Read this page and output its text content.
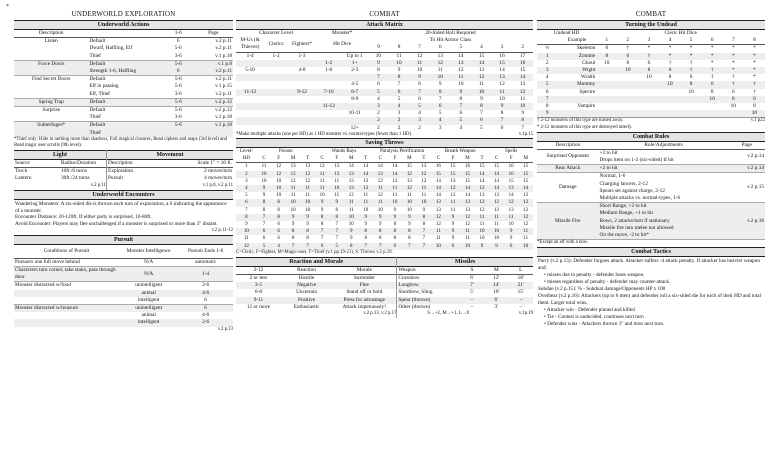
*
UNDERWORLD EXPLORATION
Underworld Actions
Description		1-6	Page
Listen	Default	6	v.2 p.11
	Dwarf, Halfling, Elf	5-6	v.2 p.11
	Thief	3-6	v.1 p.18
Force Doors	Default	5-6	v.1 p.8
	Strength 1-6, Halfling	6	v.2 p.11
Find Secret Doors	Default	5-6	v.2 p.11
	Elf in passing	5-6	v.1 p.15
	Elf, Thief	3-6	v.2 p.11
Spring Trap	Default	5-6	v.2 p.12
Surprise	Default	5-6	v.2 p.12
	Thief	3-6	v.1 p.18
Subterfuges*	Default	5-6	v.1 p.18
	Thief		
*Thief only: Hide in nothing more than shadows, Foil magical closures, Read ciphers and maps (3rd level) and Read magic user scrolls (9th level).
Light
Source	Radius/Duration
Torch	10ft./6 turns
Lantern	30ft./24 turns
v.2 p.11
Movement
Description	Scale 1" = 10 ft.
Exploration	2 moves/turn
Pursuit	4 moves/turn
v.1 p.8, v.2 p.11
Underworld Encounters
Wandering Monsters: A six-sided die is thrown each turn of exploration, a 6 indicating the appearance of a monster.
Encounter Distance: 20-120ft. If either party is surprised, 10-80ft.
Avoid Encounter: Players may flee unchallenged if a monster is surprised or more than 3" distant.
v.2 p.11-12
Pursuit
Conditions of Pursuit	Monster Intelligence	Pursuit Ends 1-6
Pursuers one full move behind	N/A	automatic
Characters turn corner, take stairs, pass through door	N/A	1-4
Monster distracted w/food	unintelligent	2-6
	animal	4-6
	intelligent	6
Monster distracted w/treasure	unintelligent	6
	animal	4-6
	intelligent	2-6
v.2 p.13
COMBAT
Attack Matrix
Character Level			Monster*		20-Sided Roll Required							
M-Us (& Thieves)	Clerics	Fighters*	Hit Dice		To Hit Armor Class							
					9	8	7	6	5	4	3	2
1-4	1-2	1-3		Up to 1	10	11	12	13	14	15	16	17
			1-2	1+	9	10	11	12	13	14	15	16
5-10		4-8	1-6	2-3	8	9	10	11	12	13	14	15
					7	8	9	10	11	12	13	14
				4-5	6	7	8	9	10	11	12	13
11-12		9-12	7-10	6-7	5	6	7	8	9	10	11	12
				8-9	4	5	6	7	8	9	10	11
			11-12		3	4	5	6	7	8	9	10
				10-11	2	3	4	5	6	7	8	9
					2	2	3	4	5	6	7	8
				12+	2	2	2	3	4	5	6	7
*Make multiple attacks (one per HD) as 1 HD monster vs. normal-types (fewer than 1 HD).	v.1p.15
Saving Throws
Level/ HD	Poison				Wands Rays				Paralysis Petrification				Breath Weapon				Spells		
	C	F	M	T	C	F	M	T	C	F	M	T	C	F	M	T	C	F	M
1	11	12	13	13	12	13	14	14	14	14	15	13	16	15	16	15	15	16	15
2	10	12	12	12	11	13	13	14	13	14	12	12	15	15	15	14	14	16	15
3	10	10	12	12	11	11	13	13	12	12	13	12	14	13	15	14	14	15	15
4	9	10	11	11	11	10	13	12	11	11	12	11	14	12	14	13	14	13	14
5	9	10	11	11	10	11	12	11	12	11	11	11	14	12	14	13	13	14	12
6	8	8	10	10	9	9	11	11	11	10	10	10	13	11	13	12	12	12	12
7	8	8	10	10	9	8	11	10	10	9	10	9	13	11	13	12	12	13	12
8	7	8	9	9	8	8	10	9	9	9	9	8	12	9	12	11	11	11	12
9	7	6	9	9	8	7	10	9	9	8	9	8	12	9	12	11	11	10	12
10	6	6	8	8	7	7	9	8	8	8	8	7	11	9	11	10	10	9	11
11	6	6	8	8	7	7	9	8	8	8	8	7	11	9	11	10	10	9	11
12	5	4	7	7	6	5	8	7	7	6	7	7	10	6	10	9	9	6	10
C=Cleric, F=Fighter, M=Magic-user, T=Thief (v.1 pp.19-21), S: Throws v.2 p.19.
Reaction and Morale
2-12	Reaction	Morale
2 or less	Hostile	Surrender
3-5	Negative	Flee
6-8	Uncertain	Stand off or hold
9-11	Positive	Press for advantage
12 or more	Enthusiastic	Attack impetuously!
v.2 p.13, v.2 p.17
Missiles
Weapon	S	M	L
Crossbow	6'	12'	18'
Longbow	7'	14'	21'
Shortbow, Sling	5'	10'	15'
Spear (thrown)	–	6'	–
Other (thrown)	–	3'	–
S→+2, M→+1, L→0	v.1p.19
COMBAT
Turning the Undead
Undead HD		Cleric Hit Dice							
	Example	1	2	3	4	5	6	7	8
½	Skeleton	6	†	*	*	*	*	*	*
1	Zombie	8	6	†	*	*	*	*	*
2	Ghoul	10	8	6	†	†	*	*	*
3	Wight		10	8	6	†	†	*	*
4	Wraith			10	8	6	†	†	*
5	Mummy				10	8	6	†	†
6	Spectre					10	8	6	†
7							10	8	6
8	Vampire							10	8
9									10
† 2-12 monsters of this type are turned away.	v.1 p22
* 2-12 monsters of this type are destroyed utterly.
Combat Rules
Description	Rule/Adjustments	Page
Surprised Opponent	+2 to hit	v.2 p.14
	Drops item on 1-2 (six-sided) if hit	
Rear Attack	+2 to hit	v.2 p.14
Damage	Normal, 1-6	v.2 p.15
	Charging lancers, 2-12	
	Spears set against charge, 2-12	
	Multiple attacks vs. normal-types, 1-6	
Missile Fire	Short Range, +2 to hit	v.2 p.16
	Medium Range, +1 to hit	
	Bows, 2 attacks/turn if stationary	
	Missile fire into melee not allowed	
	On the move, -2 to hit*	
*Except an elf with a bow.
Combat Tactics
Parry (v.2 p.15): Defender forgoes attack. Attacker suffers -4 attack penalty. If attacker has heavier weapon and:
• misses due to penalty - defender loses weapon.
• misses regardless of penalty - defender may counter-attack.
Subdue (v.2 p.15): % - Subdual damage/Opponents HP x 100
Overbear (v.2 p.16): Attackers (up to 6 men) and defender roll a six-sided die for each of their HD and total them. Larger total wins.
• Attacker win - Defender pinned and killed
• Tie - Contest is undecided, continues next turn
• Defender wins - Attackers thrown 1" and miss next turn.
